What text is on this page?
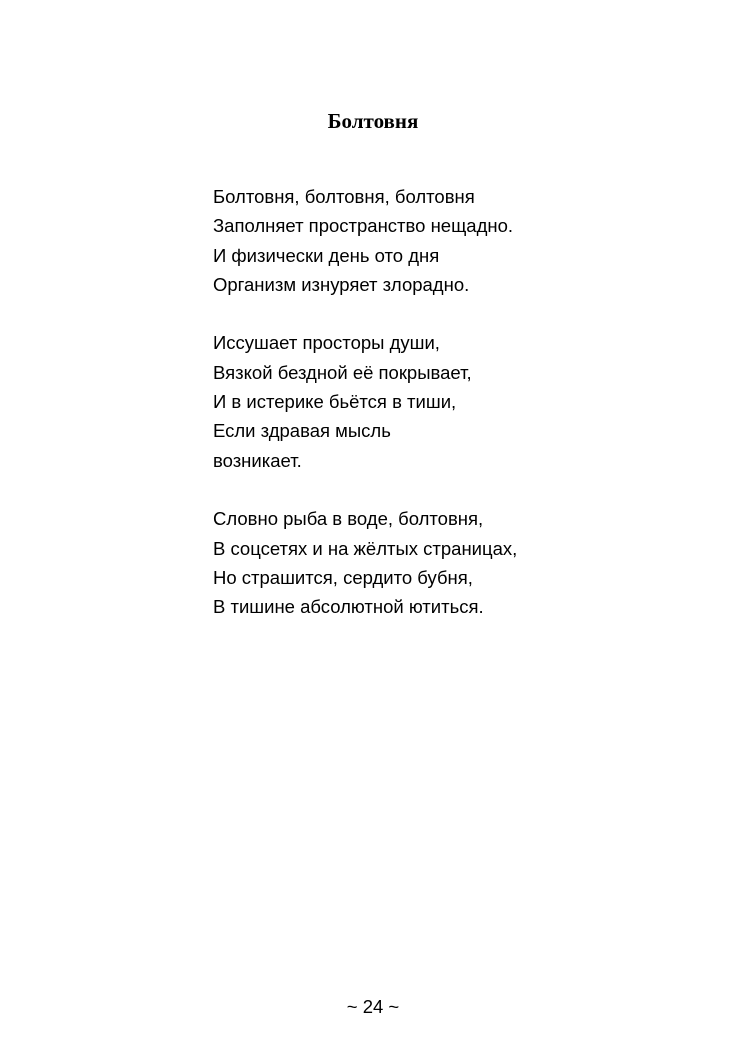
Болтовня
Болтовня, болтовня, болтовня
Заполняет пространство нещадно.
И физически день ото дня
Организм изнуряет злорадно.
Иссушает просторы души,
Вязкой бездной её покрывает,
И в истерике бьётся в тиши,
Если здравая мысль
возникает.
Словно рыба в воде, болтовня,
В соцсетях и на жёлтых страницах,
Но страшится, сердито бубня,
В тишине абсолютной ютиться.
~ 24 ~
